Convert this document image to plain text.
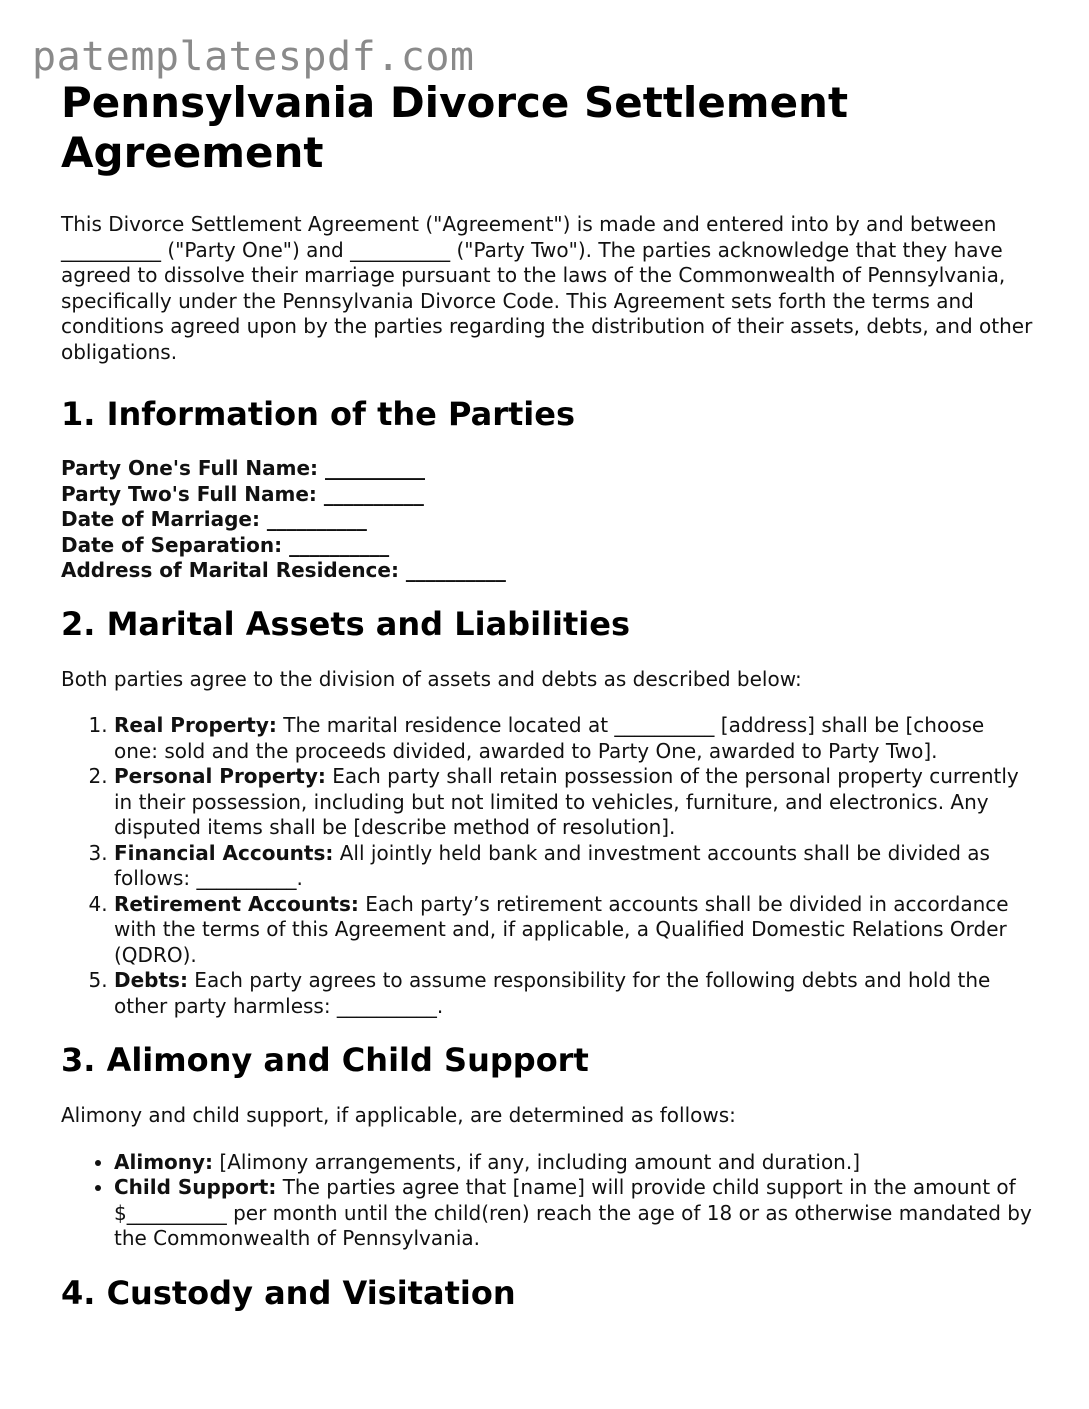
patemplatespdf.com
Pennsylvania Divorce Settlement
Agreement

This Divorce Settlement Agreement ("Agreement") is made and entered into by and between __________ ("Party One") and __________ ("Party Two"). The parties acknowledge that they have agreed to dissolve their marriage pursuant to the laws of the Commonwealth of Pennsylvania, specifically under the Pennsylvania Divorce Code. This Agreement sets forth the terms and conditions agreed upon by the parties regarding the distribution of their assets, debts, and other obligations.

1. Information of the Parties
Party One's Full Name: __________
Party Two's Full Name: __________
Date of Marriage: __________
Date of Separation: __________
Address of Marital Residence: __________
2. Marital Assets and Liabilities

Both parties agree to the division of assets and debts as described below:

1. Real Property: The marital residence located at __________ [address] shall be [choose one: sold and the proceeds divided, awarded to Party One, awarded to Party Two].
2. Personal Property: Each party shall retain possession of the personal property currently in their possession, including but not limited to vehicles, furniture, and electronics. Any disputed items shall be [describe method of resolution].
3. Financial Accounts: All jointly held bank and investment accounts shall be divided as follows: __________.
4. Retirement Accounts: Each party’s retirement accounts shall be divided in accordance with the terms of this Agreement and, if applicable, a Qualified Domestic Relations Order (QDRO).
5. Debts: Each party agrees to assume responsibility for the following debts and hold the other party harmless: __________.
3. Alimony and Child Support

Alimony and child support, if applicable, are determined as follows:

• Alimony: [Alimony arrangements, if any, including amount and duration.]
• Child Support: The parties agree that [name] will provide child support in the amount of $__________ per month until the child(ren) reach the age of 18 or as otherwise mandated by the Commonwealth of Pennsylvania.
4. Custody and Visitation
